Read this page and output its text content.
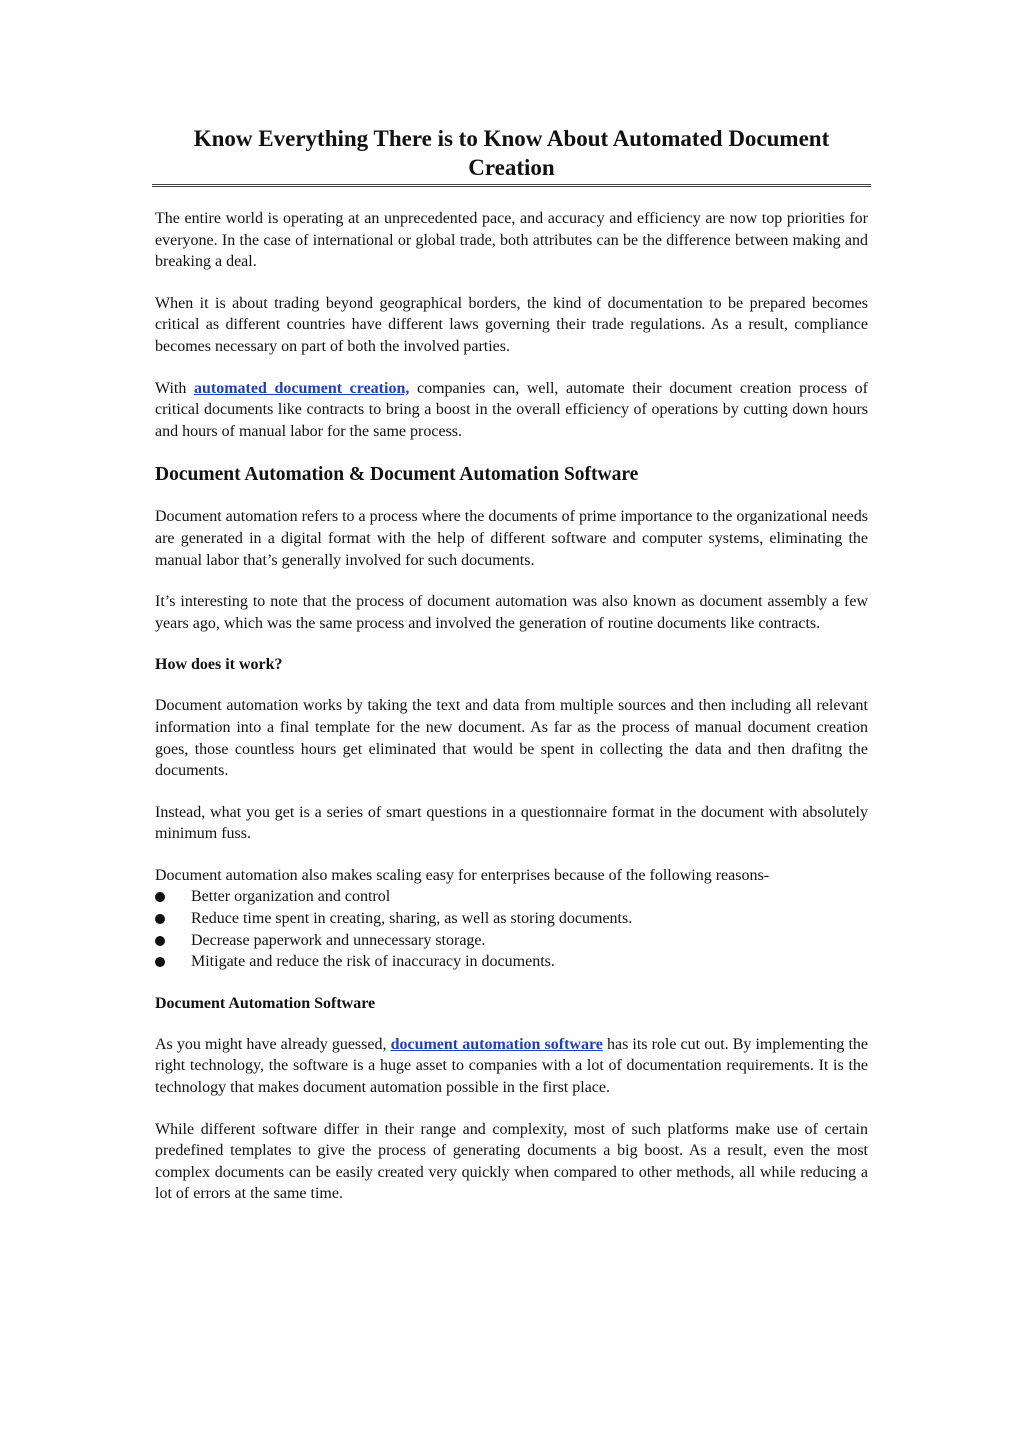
Know Everything There is to Know About Automated Document Creation

The entire world is operating at an unprecedented pace, and accuracy and efficiency are now top priorities for everyone. In the case of international or global trade, both attributes can be the difference between making and breaking a deal.

When it is about trading beyond geographical borders, the kind of documentation to be prepared becomes critical as different countries have different laws governing their trade regulations. As a result, compliance becomes necessary on part of both the involved parties.

With automated document creation, companies can, well, automate their document creation process of critical documents like contracts to bring a boost in the overall efficiency of operations by cutting down hours and hours of manual labor for the same process.

Document Automation & Document Automation Software

Document automation refers to a process where the documents of prime importance to the organizational needs are generated in a digital format with the help of different software and computer systems, eliminating the manual labor that’s generally involved for such documents.

It’s interesting to note that the process of document automation was also known as document assembly a few years ago, which was the same process and involved the generation of routine documents like contracts.

How does it work?

Document automation works by taking the text and data from multiple sources and then including all relevant information into a final template for the new document. As far as the process of manual document creation goes, those countless hours get eliminated that would be spent in collecting the data and then drafitng the documents.

Instead, what you get is a series of smart questions in a questionnaire format in the document with absolutely minimum fuss.

Document automation also makes scaling easy for enterprises because of the following reasons-

Better organization and control
Reduce time spent in creating, sharing, as well as storing documents.
Decrease paperwork and unnecessary storage.
Mitigate and reduce the risk of inaccuracy in documents.
Document Automation Software

As you might have already guessed, document automation software has its role cut out. By implementing the right technology, the software is a huge asset to companies with a lot of documentation requirements. It is the technology that makes document automation possible in the first place.

While different software differ in their range and complexity, most of such platforms make use of certain predefined templates to give the process of generating documents a big boost. As a result, even the most complex documents can be easily created very quickly when compared to other methods, all while reducing a lot of errors at the same time.
